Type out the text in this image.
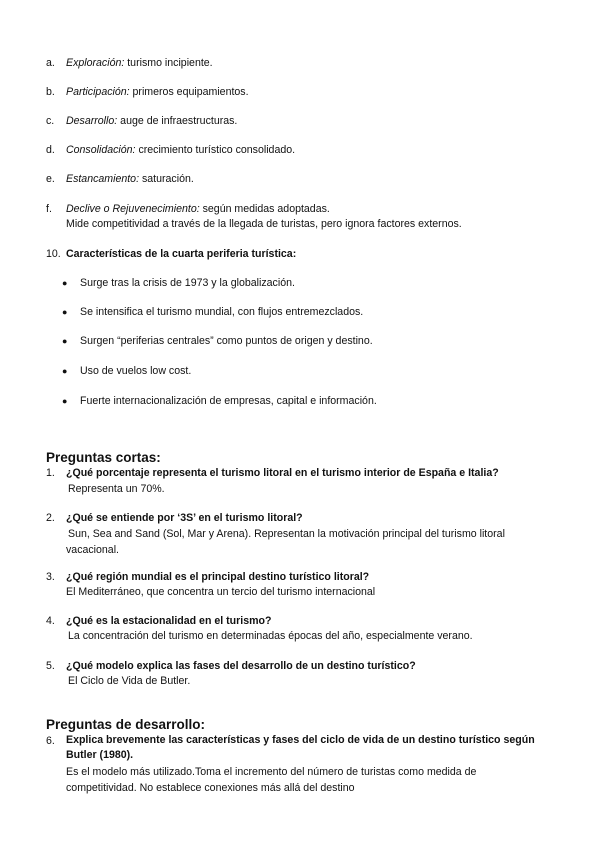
a. Exploración: turismo incipiente.
b. Participación: primeros equipamientos.
c. Desarrollo: auge de infraestructuras.
d. Consolidación: crecimiento turístico consolidado.
e. Estancamiento: saturación.
f. Declive o Rejuvenecimiento: según medidas adoptadas.
Mide competitividad a través de la llegada de turistas, pero ignora factores externos.
10. Características de la cuarta periferia turística:
● Surge tras la crisis de 1973 y la globalización.
● Se intensifica el turismo mundial, con flujos entremezclados.
● Surgen “periferias centrales” como puntos de origen y destino.
● Uso de vuelos low cost.
● Fuerte internacionalización de empresas, capital e información.
Preguntas cortas:
1. ¿Qué porcentaje representa el turismo litoral en el turismo interior de España e Italia?
Representa un 70%.
2. ¿Qué se entiende por ‘3S’ en el turismo litoral?
Sun, Sea and Sand (Sol, Mar y Arena). Representan la motivación principal del turismo litoral vacacional.
3. ¿Qué región mundial es el principal destino turístico litoral?
El Mediterráneo, que concentra un tercio del turismo internacional
4. ¿Qué es la estacionalidad en el turismo?
La concentración del turismo en determinadas épocas del año, especialmente verano.
5. ¿Qué modelo explica las fases del desarrollo de un destino turístico?
El Ciclo de Vida de Butler.
Preguntas de desarrollo:
6. Explica brevemente las características y fases del ciclo de vida de un destino turístico según Butler (1980).
Es el modelo más utilizado.Toma el incremento del número de turistas como medida de competitividad. No establece conexiones más allá del destino
